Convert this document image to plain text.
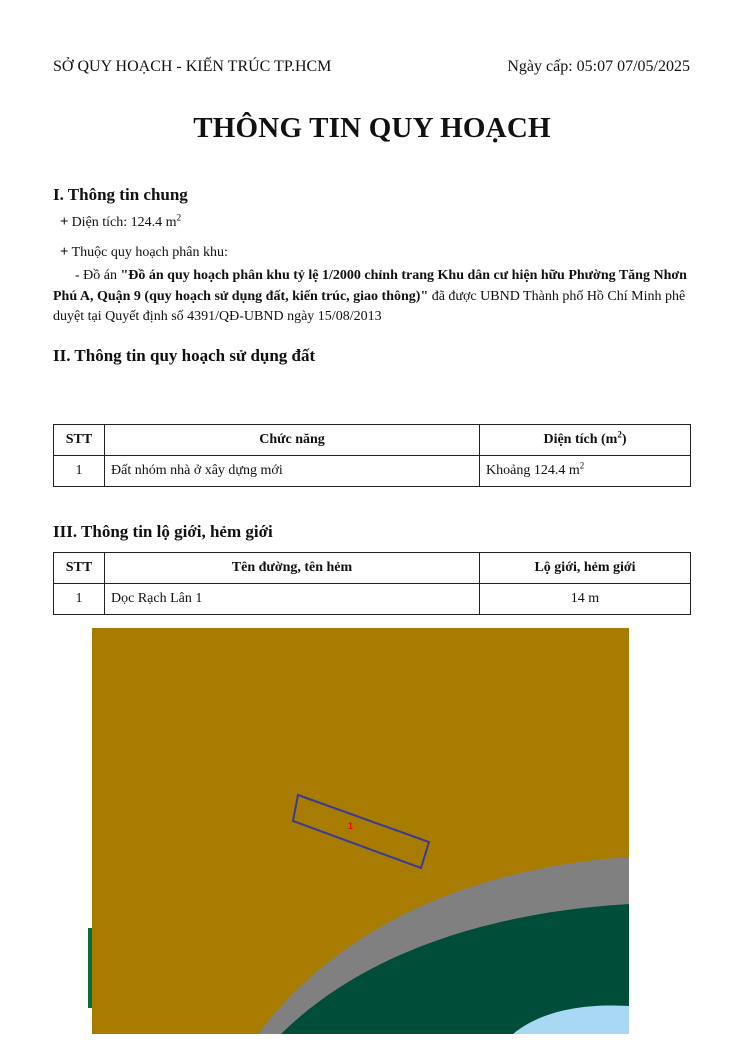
SỞ QUY HOẠCH - KIẾN TRÚC TP.HCM	Ngày cấp: 05:07 07/05/2025
THÔNG TIN QUY HOẠCH
I. Thông tin chung
+ Diện tích: 124.4 $m^2$
+ Thuộc quy hoạch phân khu:
- Đồ án "Đồ án quy hoạch phân khu tỷ lệ 1/2000 chỉnh trang Khu dân cư hiện hữu Phường Tăng Nhơn Phú A, Quận 9 (quy hoạch sử dụng đất, kiến trúc, giao thông)" đã được UBND Thành phố Hồ Chí Minh phê duyệt tại Quyết định số 4391/QĐ-UBND ngày 15/08/2013
II. Thông tin quy hoạch sử dụng đất
STT	Chức năng	Diện tích $(m^2)$
1	Đất nhóm nhà ở xây dựng mới	Khoảng 124.4 $m^2$
III. Thông tin lộ giới, hẻm giới
STT	Tên đường, tên hẻm	Lộ giới, hẻm giới
1	Dọc Rạch Lân 1	14 m
1
